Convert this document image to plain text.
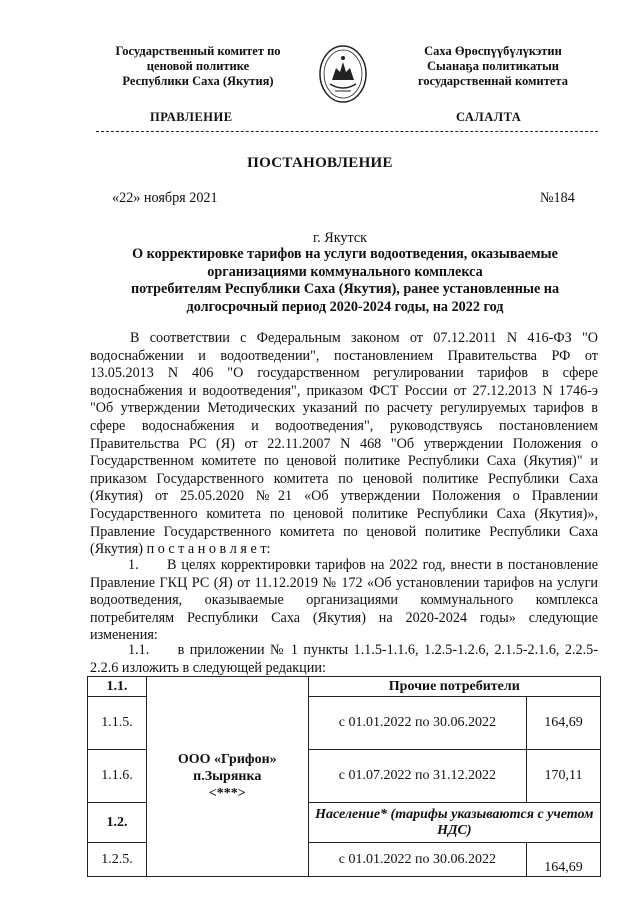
Государственный комитет по
ценовой политике
Республики Саха (Якутия)
ПРАВЛЕНИЕ
Саха Өрөспүүбүлүкэтин
Сыанаҕа политикатын
государственнай комитета
САЛАЛТА
ПОСТАНОВЛЕНИЕ
«22» ноября 2021	№184
г. Якутск
О корректировке тарифов на услуги водоотведения, оказываемые
организациями коммунального комплекса
потребителям Республики Саха (Якутия), ранее установленные на
долгосрочный период 2020-2024 годы, на 2022 год
В соответствии с Федеральным законом от 07.12.2011 N 416-ФЗ "О водоснабжении и водоотведении", постановлением Правительства РФ от 13.05.2013 N 406 "О государственном регулировании тарифов в сфере водоснабжения и водоотведения", приказом ФСТ России от 27.12.2013 N 1746-э "Об утверждении Методических указаний по расчету регулируемых тарифов в сфере водоснабжения и водоотведения", руководствуясь постановлением Правительства РС (Я) от 22.11.2007 N 468 "Об утверждении Положения о Государственном комитете по ценовой политике Республики Саха (Якутия)" и приказом Государственного комитета по ценовой политике Республики Саха (Якутия) от 25.05.2020 №21 «Об утверждении Положения о Правлении Государственного комитета по ценовой политике Республики Саха (Якутия)», Правление Государственного комитета по ценовой политике Республики Саха (Якутия) п о с т а н о в л я е т:
1.  В целях корректировки тарифов на 2022 год, внести в постановление Правление ГКЦ РС (Я) от 11.12.2019 № 172 «Об установлении тарифов на услуги водоотведения, оказываемые организациями коммунального комплекса потребителям Республики Саха (Якутия) на 2020-2024 годы» следующие изменения:
1.1.  в приложении № 1 пункты 1.1.5-1.1.6, 1.2.5-1.2.6, 2.1.5-2.1.6, 2.2.5-2.2.6 изложить в следующей редакции:
1.1.	ООО «Грифон»
п.Зырянка
<***>	Прочие потребители	
1.1.5.		с 01.01.2022 по 30.06.2022	164,69
1.1.6.		с 01.07.2022 по 31.12.2022	170,11
1.2.		Население* (тарифы указываются с учетом НДС)	
1.2.5.		с 01.01.2022 по 30.06.2022	164,69
